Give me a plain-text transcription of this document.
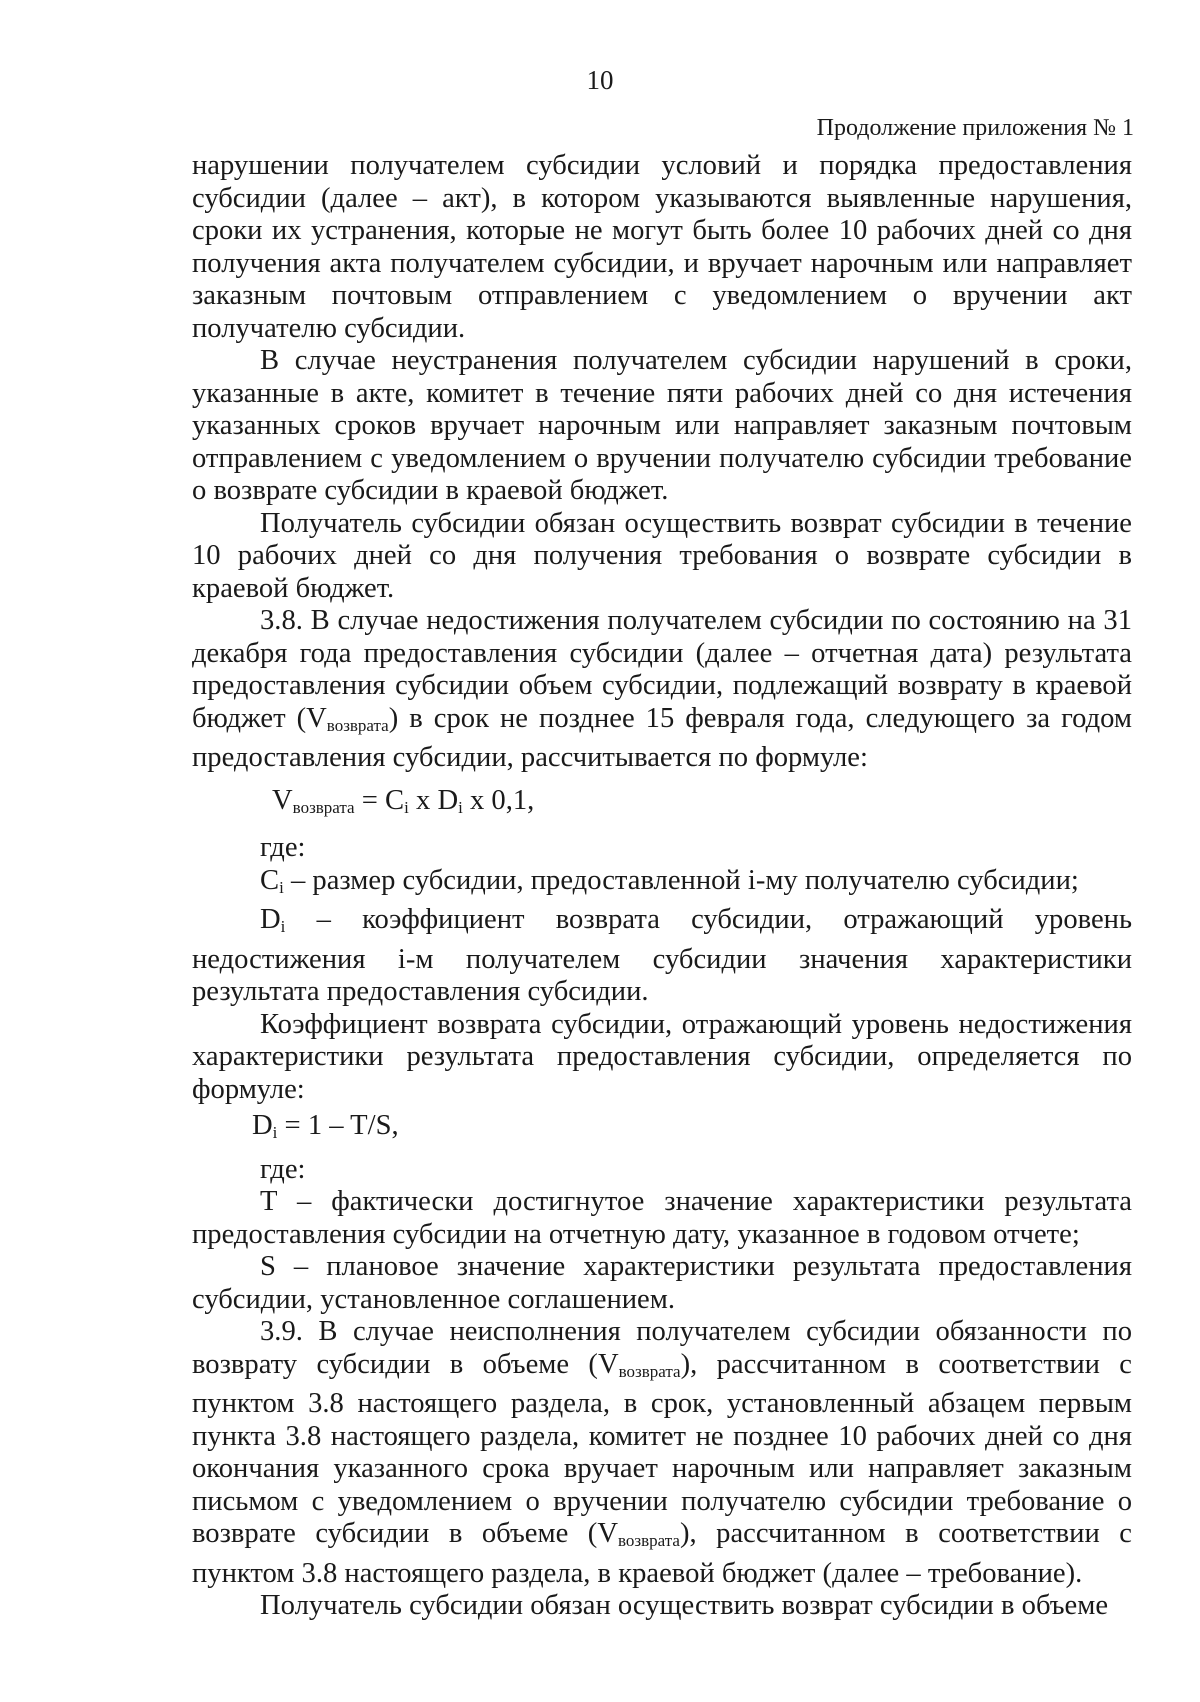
10
Продолжение приложения № 1

нарушении получателем субсидии условий и порядка предоставления субсидии (далее – акт), в котором указываются выявленные нарушения, сроки их устранения, которые не могут быть более 10 рабочих дней со дня получения акта получателем субсидии, и вручает нарочным или направляет заказным почтовым отправлением с уведомлением о вручении акт получателю субсидии.

В случае неустранения получателем субсидии нарушений в сроки, указанные в акте, комитет в течение пяти рабочих дней со дня истечения указанных сроков вручает нарочным или направляет заказным почтовым отправлением с уведомлением о вручении получателю субсидии требование о возврате субсидии в краевой бюджет.

Получатель субсидии обязан осуществить возврат субсидии в течение 10 рабочих дней со дня получения требования о возврате субсидии в краевой бюджет.

3.8. В случае недостижения получателем субсидии по состоянию на 31 декабря года предоставления субсидии (далее – отчетная дата) результата предоставления субсидии объем субсидии, подлежащий возврату в краевой бюджет $(V_{возврата})$ в срок не позднее 15 февраля года, следующего за годом предоставления субсидии, рассчитывается по формуле:

$V_{возврата} = C_i$ x $D_i$ x 0,1,

где:

$C_i$ – размер субсидии, предоставленной i-му получателю субсидии;

$D_i$ – коэффициент возврата субсидии, отражающий уровень недостижения i-м получателем субсидии значения характеристики результата предоставления субсидии.

Коэффициент возврата субсидии, отражающий уровень недостижения характеристики результата предоставления субсидии, определяется по формуле:

$D_i = 1 - T/S$,

где:

T – фактически достигнутое значение характеристики результата предоставления субсидии на отчетную дату, указанное в годовом отчете;

S – плановое значение характеристики результата предоставления субсидии, установленное соглашением.

3.9. В случае неисполнения получателем субсидии обязанности по возврату субсидии в объеме $(V_{возврата})$, рассчитанном в соответствии с пунктом 3.8 настоящего раздела, в срок, установленный абзацем первым пункта 3.8 настоящего раздела, комитет не позднее 10 рабочих дней со дня окончания указанного срока вручает нарочным или направляет заказным письмом с уведомлением о вручении получателю субсидии требование о возврате субсидии в объеме $(V_{возврата})$, рассчитанном в соответствии с пунктом 3.8 настоящего раздела, в краевой бюджет (далее – требование).

Получатель субсидии обязан осуществить возврат субсидии в объеме
